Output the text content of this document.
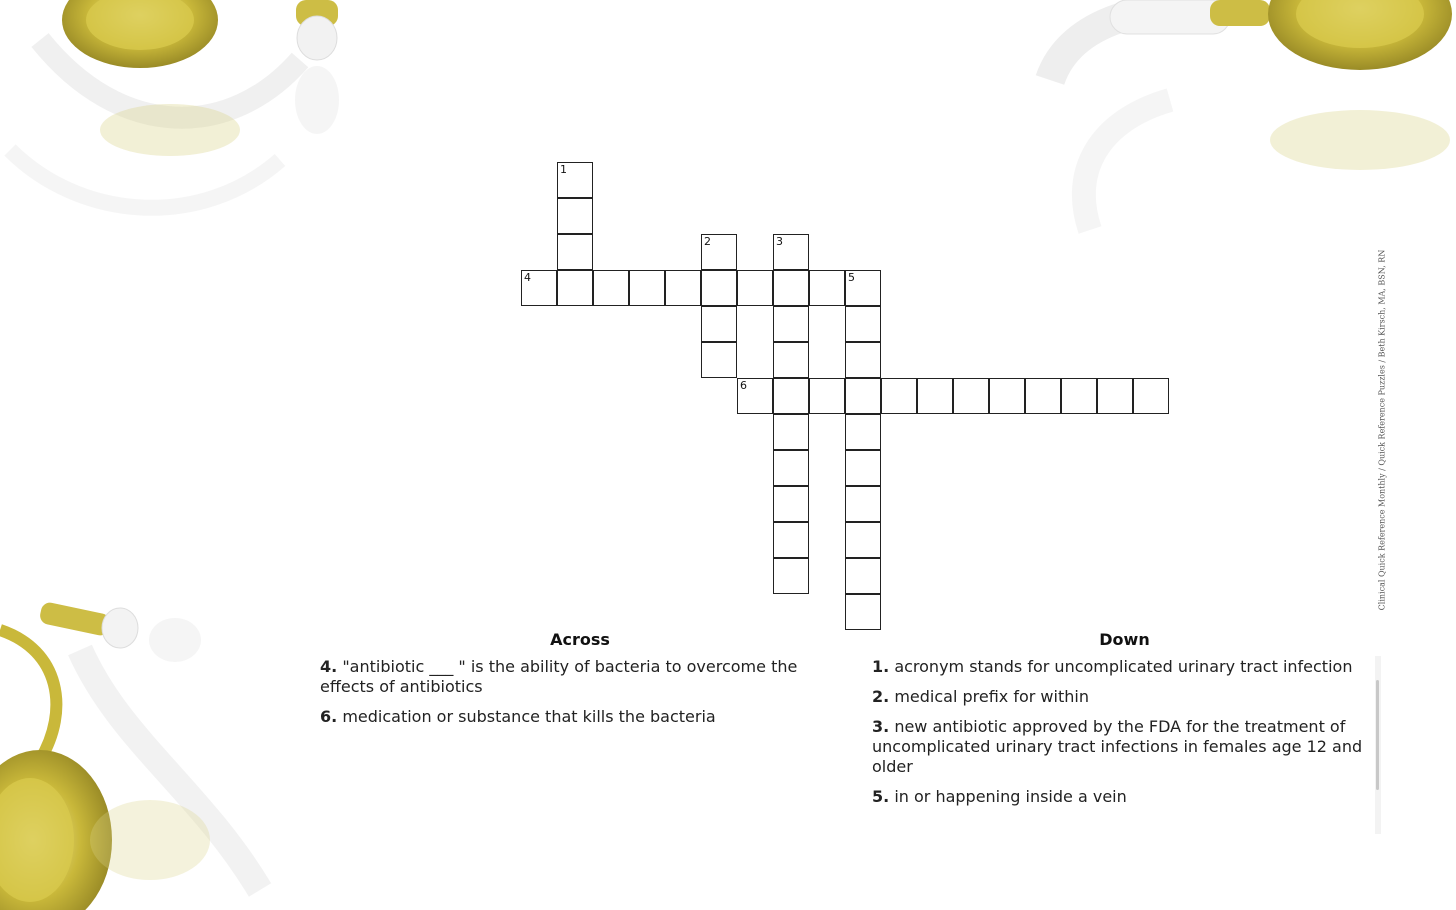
Clinical Quick Reference Monthly / Quick Reference Puzzles / Beth Kirsch, MA, BSN, RN
1
2	3
4	5
6
Across
4. "antibiotic ___ " is the ability of bacteria to overcome the effects of antibiotics
6. medication or substance that kills the bacteria
Down
1. acronym stands for uncomplicated urinary tract infection
2. medical prefix for within
3. new antibiotic approved by the FDA for the treatment of uncomplicated urinary tract infections in females age 12 and older
5. in or happening inside a vein
